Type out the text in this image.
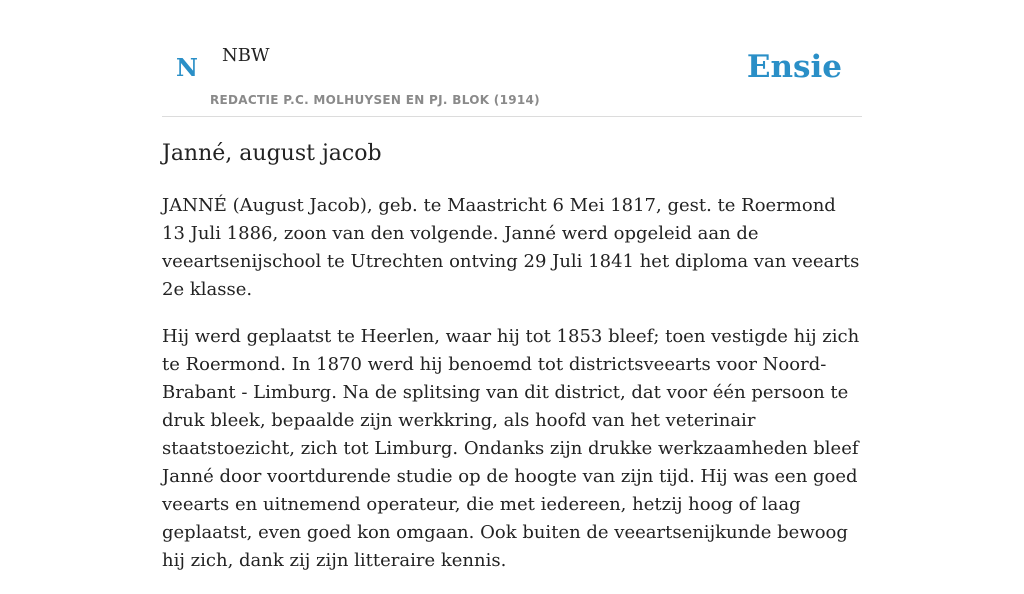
N NBW
REDACTIE P.C. MOLHUYSEN EN PJ. BLOK (1914)
Ensie
Janné, august jacob

JANNÉ (August Jacob), geb. te Maastricht 6 Mei 1817, gest. te Roermond 13 Juli 1886, zoon van den volgende. Janné werd opgeleid aan de veeartsenijschool te Utrechten ontving 29 Juli 1841 het diploma van veearts 2e klasse.

Hij werd geplaatst te Heerlen, waar hij tot 1853 bleef; toen vestigde hij zich te Roermond. In 1870 werd hij benoemd tot districtsveearts voor Noord-Brabant - Limburg. Na de splitsing van dit district, dat voor één persoon te druk bleek, bepaalde zijn werkkring, als hoofd van het veterinair staatstoezicht, zich tot Limburg. Ondanks zijn drukke werkzaamheden bleef Janné door voortdurende studie op de hoogte van zijn tijd. Hij was een goed veearts en uitnemend operateur, die met iedereen, hetzij hoog of laag geplaatst, even goed kon omgaan. Ook buiten de veeartsenijkunde bewoog hij zich, dank zij zijn litteraire kennis.
